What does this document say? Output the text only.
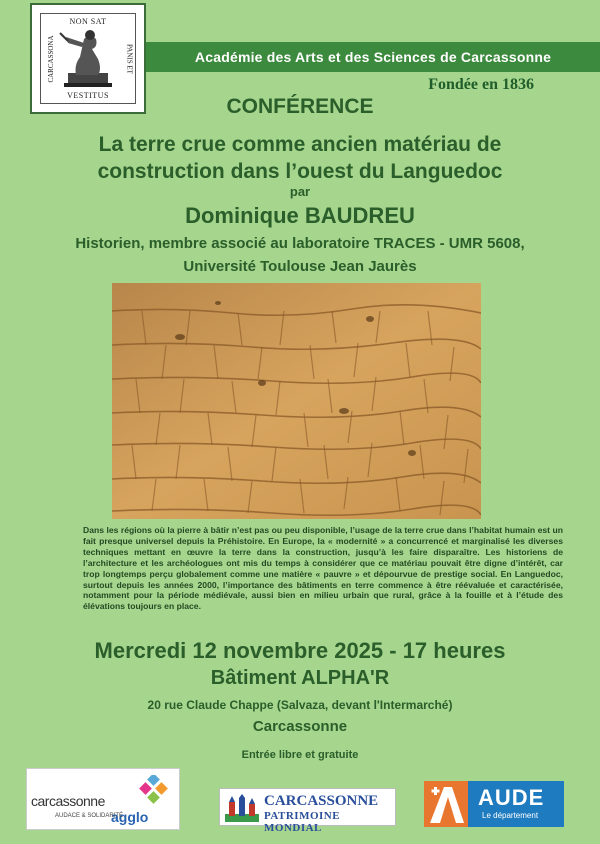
NON SAT
CARCASSONA	PANIS ET
VESTITUS
Académie des Arts et des Sciences de Carcassonne
Fondée en 1836
CONFÉRENCE
La terre crue comme ancien matériau de
construction dans l’ouest du Languedoc
par
Dominique BAUDREU
Historien, membre associé au laboratoire TRACES - UMR 5608,
Université Toulouse Jean Jaurès
Dans les régions où la pierre à bâtir n’est pas ou peu disponible, l’usage de la terre crue dans l’habitat humain est un fait presque universel depuis la Préhistoire. En Europe, la « modernité » a concurrencé et marginalisé les diverses techniques mettant en œuvre la terre dans la construction, jusqu’à les faire disparaître. Les historiens de l’architecture et les archéologues ont mis du temps à considérer que ce matériau pouvait être digne d’intérêt, car trop longtemps perçu globalement comme une matière « pauvre » et dépourvue de prestige social. En Languedoc, surtout depuis les années 2000, l’importance des bâtiments en terre commence à être réévaluée et caractérisée, notamment pour la période médiévale, aussi bien en milieu urbain que rural, grâce à la fouille et à l’étude des élévations toujours en place.
Mercredi 12 novembre 2025 - 17 heures
Bâtiment ALPHA'R
20 rue Claude Chappe (Salvaza, devant l'Intermarché)
Carcassonne
Entrée libre et gratuite
carcassonne
agglo
AUDACE & SOLIDARITÉ
CARCASSONNE
PATRIMOINE MONDIAL
AUDE
Le département
